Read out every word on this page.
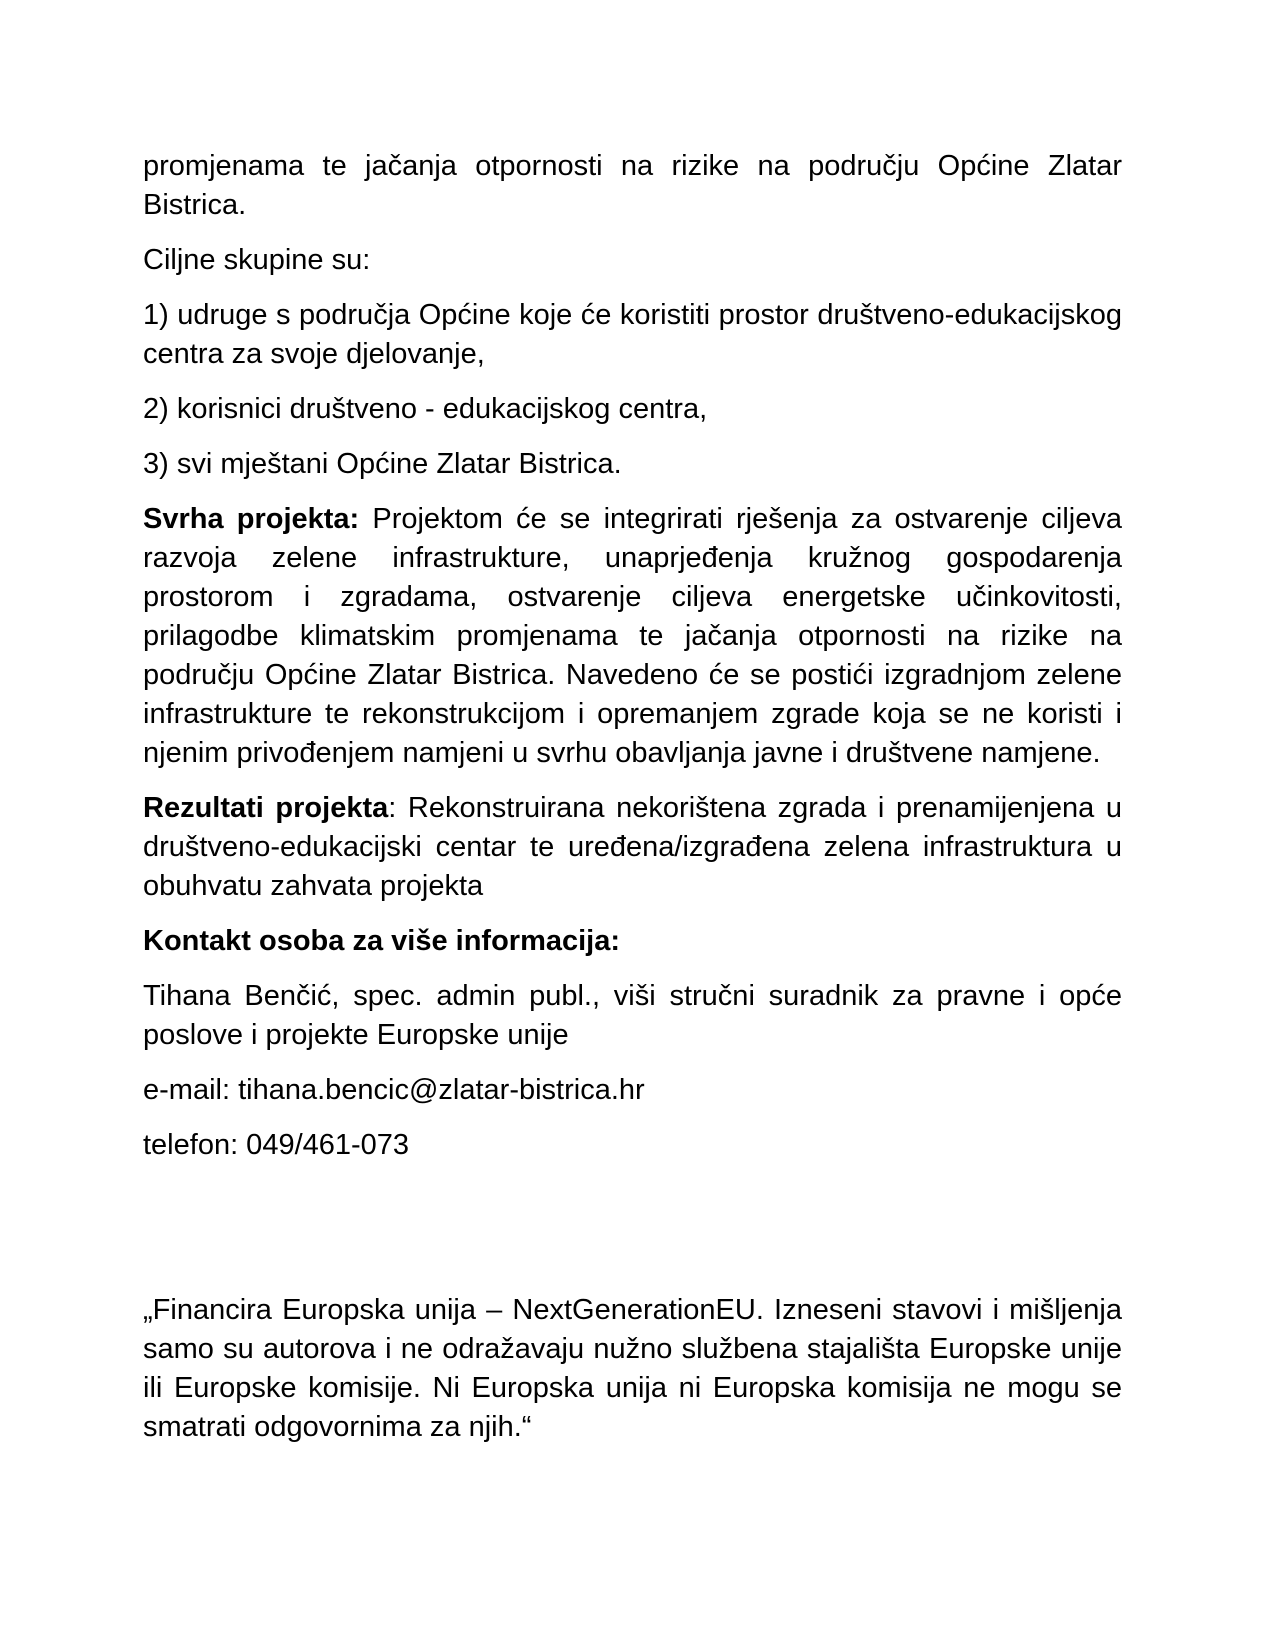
promjenama te jačanja otpornosti na rizike na području Općine Zlatar
Bistrica.
Ciljne skupine su:
1) udruge s područja Općine koje će koristiti prostor društveno-edukacijskog
centra za svoje djelovanje,
2) korisnici društveno - edukacijskog centra,
3) svi mještani Općine Zlatar Bistrica.
Svrha projekta: Projektom će se integrirati rješenja za ostvarenje ciljeva
razvoja zelene infrastrukture, unaprjeđenja kružnog gospodarenja
prostorom i zgradama, ostvarenje ciljeva energetske učinkovitosti,
prilagodbe klimatskim promjenama te jačanja otpornosti na rizike na
području Općine Zlatar Bistrica. Navedeno će se postići izgradnjom zelene
infrastrukture te rekonstrukcijom i opremanjem zgrade koja se ne koristi i
njenim privođenjem namjeni u svrhu obavljanja javne i društvene namjene.
Rezultati projekta: Rekonstruirana nekorištena zgrada i prenamijenjena u
društveno-edukacijski centar te uređena/izgrađena zelena infrastruktura u
obuhvatu zahvata projekta
Kontakt osoba za više informacija:
Tihana Benčić, spec. admin publ., viši stručni suradnik za pravne i opće
poslove i projekte Europske unije
e-mail: tihana.bencic@zlatar-bistrica.hr
telefon: 049/461-073
„Financira Europska unija – NextGenerationEU. Izneseni stavovi i mišljenja
samo su autorova i ne odražavaju nužno službena stajališta Europske unije
ili Europske komisije. Ni Europska unija ni Europska komisija ne mogu se
smatrati odgovornima za njih.“
